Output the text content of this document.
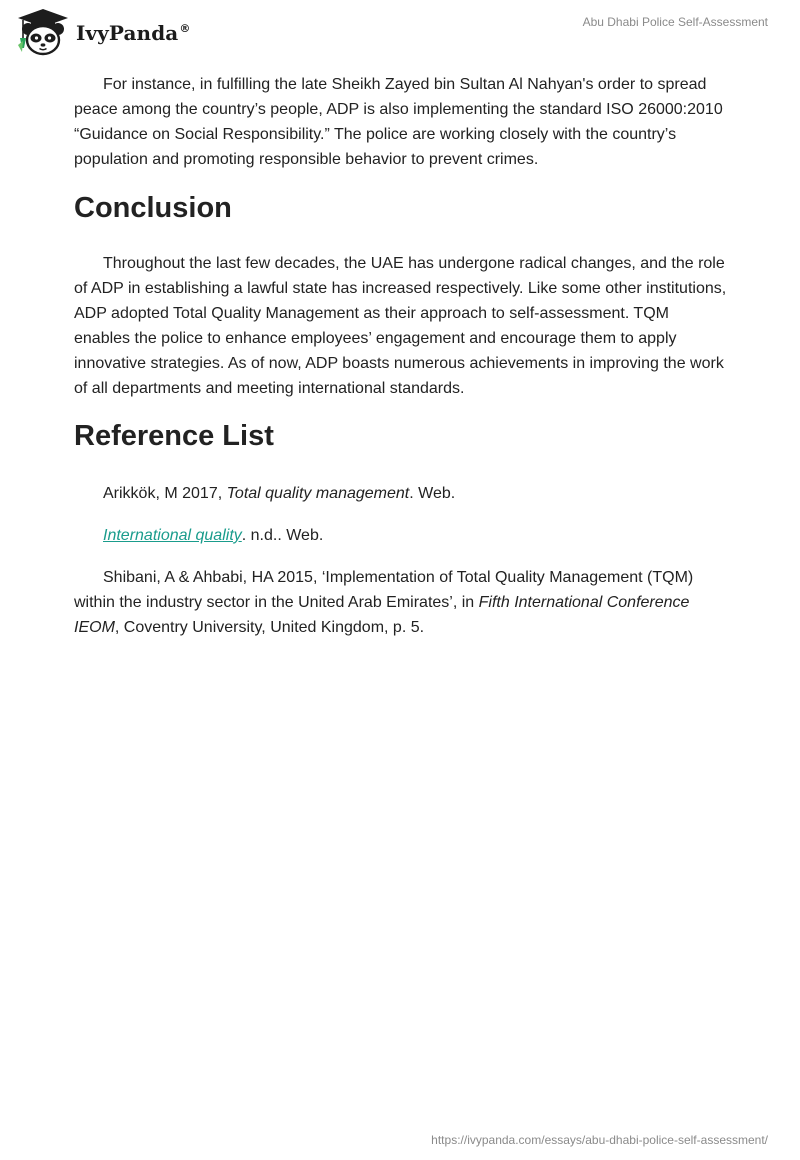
IvyPanda®	Abu Dhabi Police Self-Assessment

For instance, in fulfilling the late Sheikh Zayed bin Sultan Al Nahyan's order to spread peace among the country’s people, ADP is also implementing the standard ISO 26000:2010 “Guidance on Social Responsibility.” The police are working closely with the country’s population and promoting responsible behavior to prevent crimes.

Conclusion

Throughout the last few decades, the UAE has undergone radical changes, and the role of ADP in establishing a lawful state has increased respectively. Like some other institutions, ADP adopted Total Quality Management as their approach to self-assessment. TQM enables the police to enhance employees’ engagement and encourage them to apply innovative strategies. As of now, ADP boasts numerous achievements in improving the work of all departments and meeting international standards.

Reference List

Arikkök, M 2017, Total quality management. Web.

International quality. n.d.. Web.

Shibani, A & Ahbabi, HA 2015, ‘Implementation of Total Quality Management (TQM) within the industry sector in the United Arab Emirates’, in Fifth International Conference IEOM, Coventry University, United Kingdom, p. 5.

https://ivypanda.com/essays/abu-dhabi-police-self-assessment/
